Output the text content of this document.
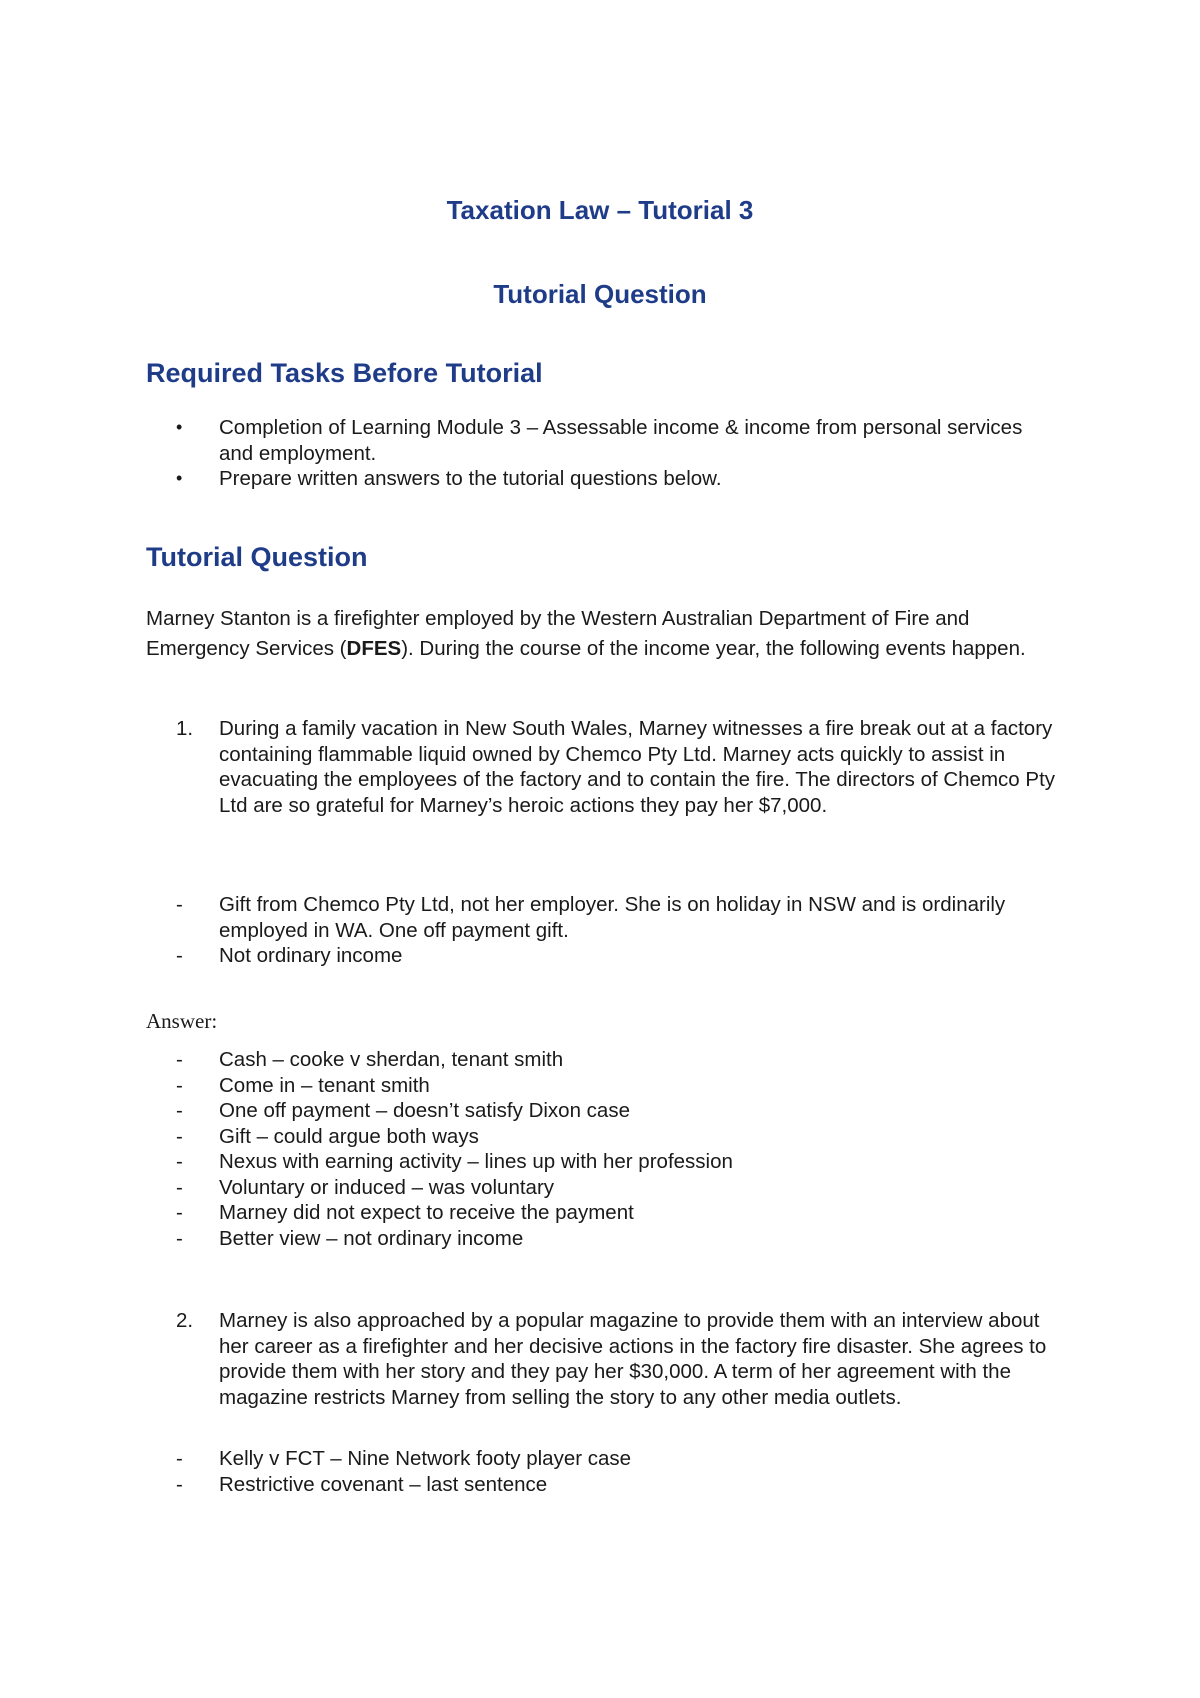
Taxation Law – Tutorial 3
Tutorial Question
Required Tasks Before Tutorial
•	Completion of Learning Module 3 – Assessable income & income from personal services and employment.
•	Prepare written answers to the tutorial questions below.
Tutorial Question

Marney Stanton is a firefighter employed by the Western Australian Department of Fire and Emergency Services (DFES). During the course of the income year, the following events happen.

1.	During a family vacation in New South Wales, Marney witnesses a fire break out at a factory containing flammable liquid owned by Chemco Pty Ltd. Marney acts quickly to assist in evacuating the employees of the factory and to contain the fire. The directors of Chemco Pty Ltd are so grateful for Marney’s heroic actions they pay her $7,000.
-	Gift from Chemco Pty Ltd, not her employer. She is on holiday in NSW and is ordinarily employed in WA. One off payment gift.
-	Not ordinary income

Answer:

-	Cash – cooke v sherdan, tenant smith
-	Come in – tenant smith
-	One off payment – doesn’t satisfy Dixon case
-	Gift – could argue both ways
-	Nexus with earning activity – lines up with her profession
-	Voluntary or induced – was voluntary
-	Marney did not expect to receive the payment
-	Better view – not ordinary income
2.	Marney is also approached by a popular magazine to provide them with an interview about her career as a firefighter and her decisive actions in the factory fire disaster. She agrees to provide them with her story and they pay her $30,000. A term of her agreement with the magazine restricts Marney from selling the story to any other media outlets.
-	Kelly v FCT – Nine Network footy player case
-	Restrictive covenant – last sentence
